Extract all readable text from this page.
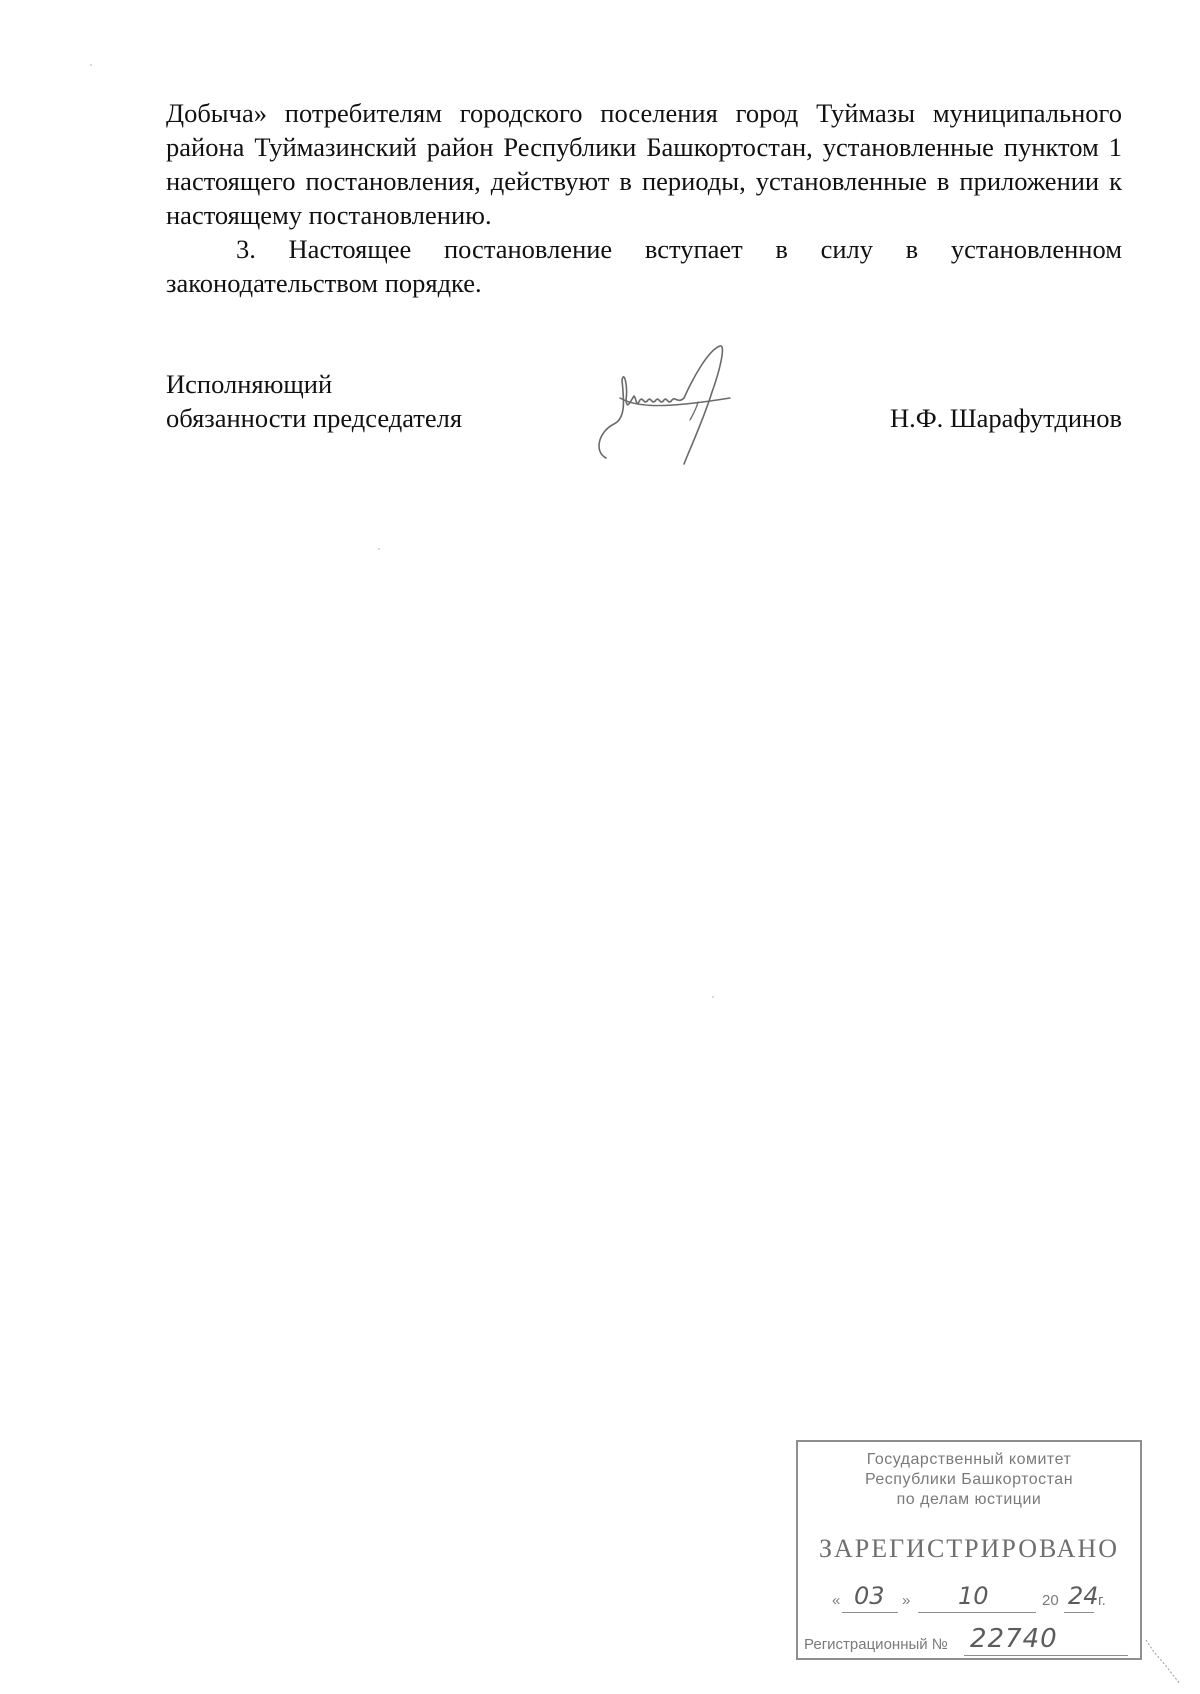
Добыча» потребителям городского поселения город Туймазы муниципального района Туймазинский район Республики Башкортостан, установленные пунктом 1 настоящего постановления, действуют в периоды, установленные в приложении к настоящему постановлению.

3. Настоящее постановление вступает в силу в установленном законодательством порядке.

Исполняющий
обязанности председателя	Н.Ф. Шарафутдинов
Государственный комитет
Республики Башкортостан
по делам юстиции
ЗАРЕГИСТРИРОВАНО
« 03 » 10	20 24 г.
Регистрационный № 22740
